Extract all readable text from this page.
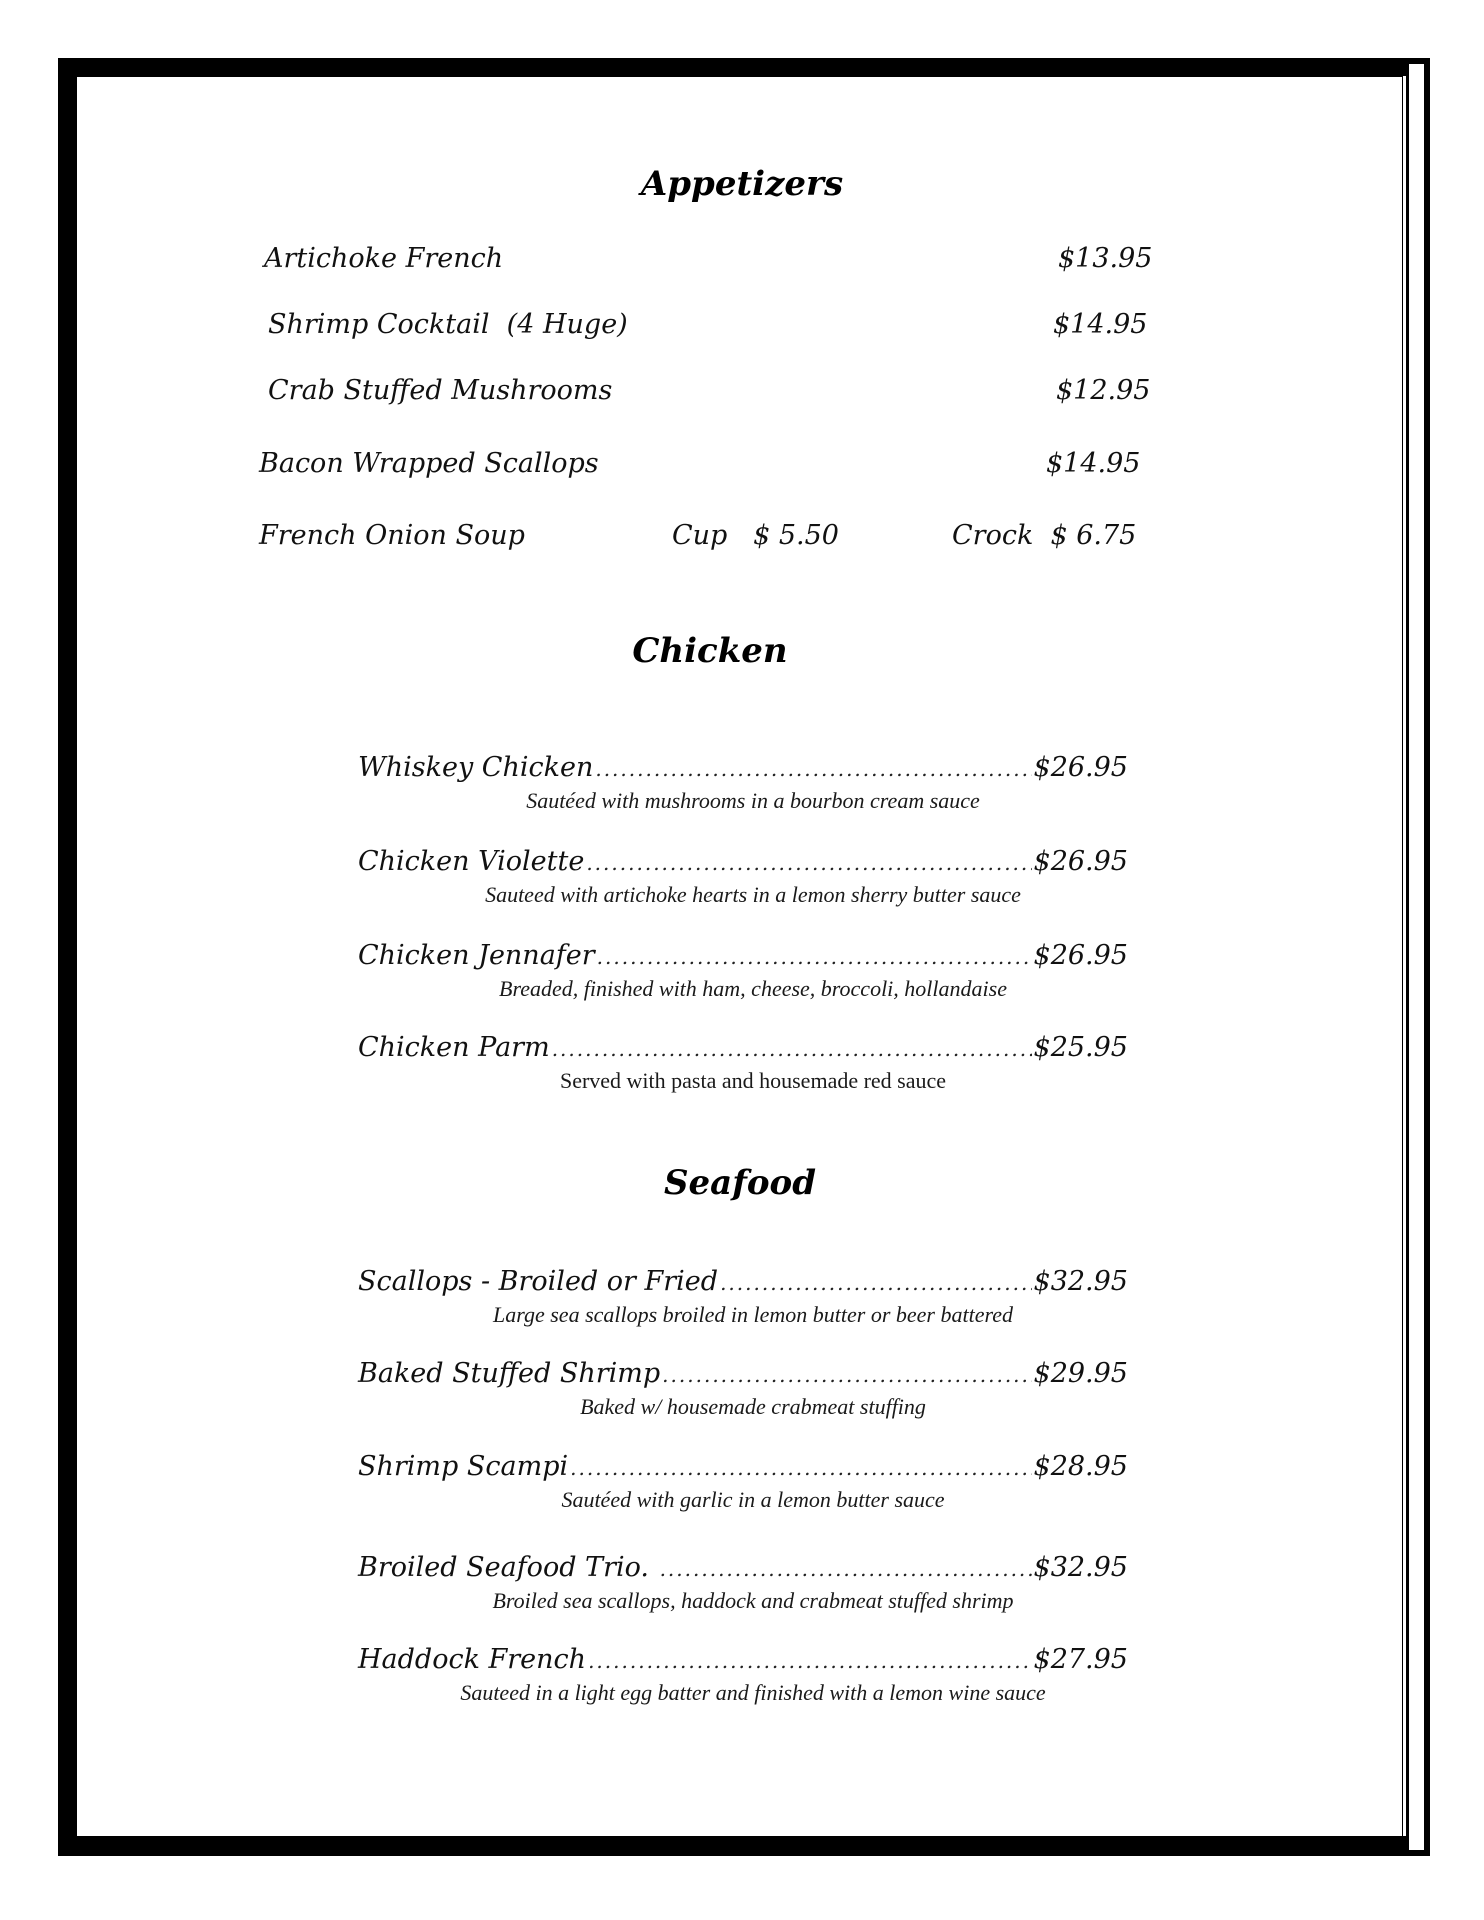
Appetizers
Artichoke French	$13.95
Shrimp Cocktail  (4 Huge)	$14.95
Crab Stuffed Mushrooms	$12.95
Bacon Wrapped Scallops	$14.95
French Onion Soup	Cup   $ 5.50	Crock  $ 6.75
Chicken
Whiskey Chicken .....	$26.95
Sautéed with mushrooms in a bourbon cream sauce
Chicken Violette .....	$26.95
Sauteed with artichoke hearts in a lemon sherry butter sauce
Chicken Jennafer .....	$26.95
Breaded, finished with ham, cheese, broccoli, hollandaise
Chicken Parm .....	$25.95
Served with pasta and housemade red sauce
Seafood
Scallops - Broiled or Fried .....	$32.95
Large sea scallops broiled in lemon butter or beer battered
Baked Stuffed Shrimp .....	$29.95
Baked w/ housemade crabmeat stuffing
Shrimp Scampi .....	$28.95
Sautéed with garlic in a lemon butter sauce
Broiled Seafood Trio. .....	$32.95
Broiled sea scallops, haddock and crabmeat stuffed shrimp
Haddock French .....	$27.95
Sauteed in a light egg batter and finished with a lemon wine sauce
